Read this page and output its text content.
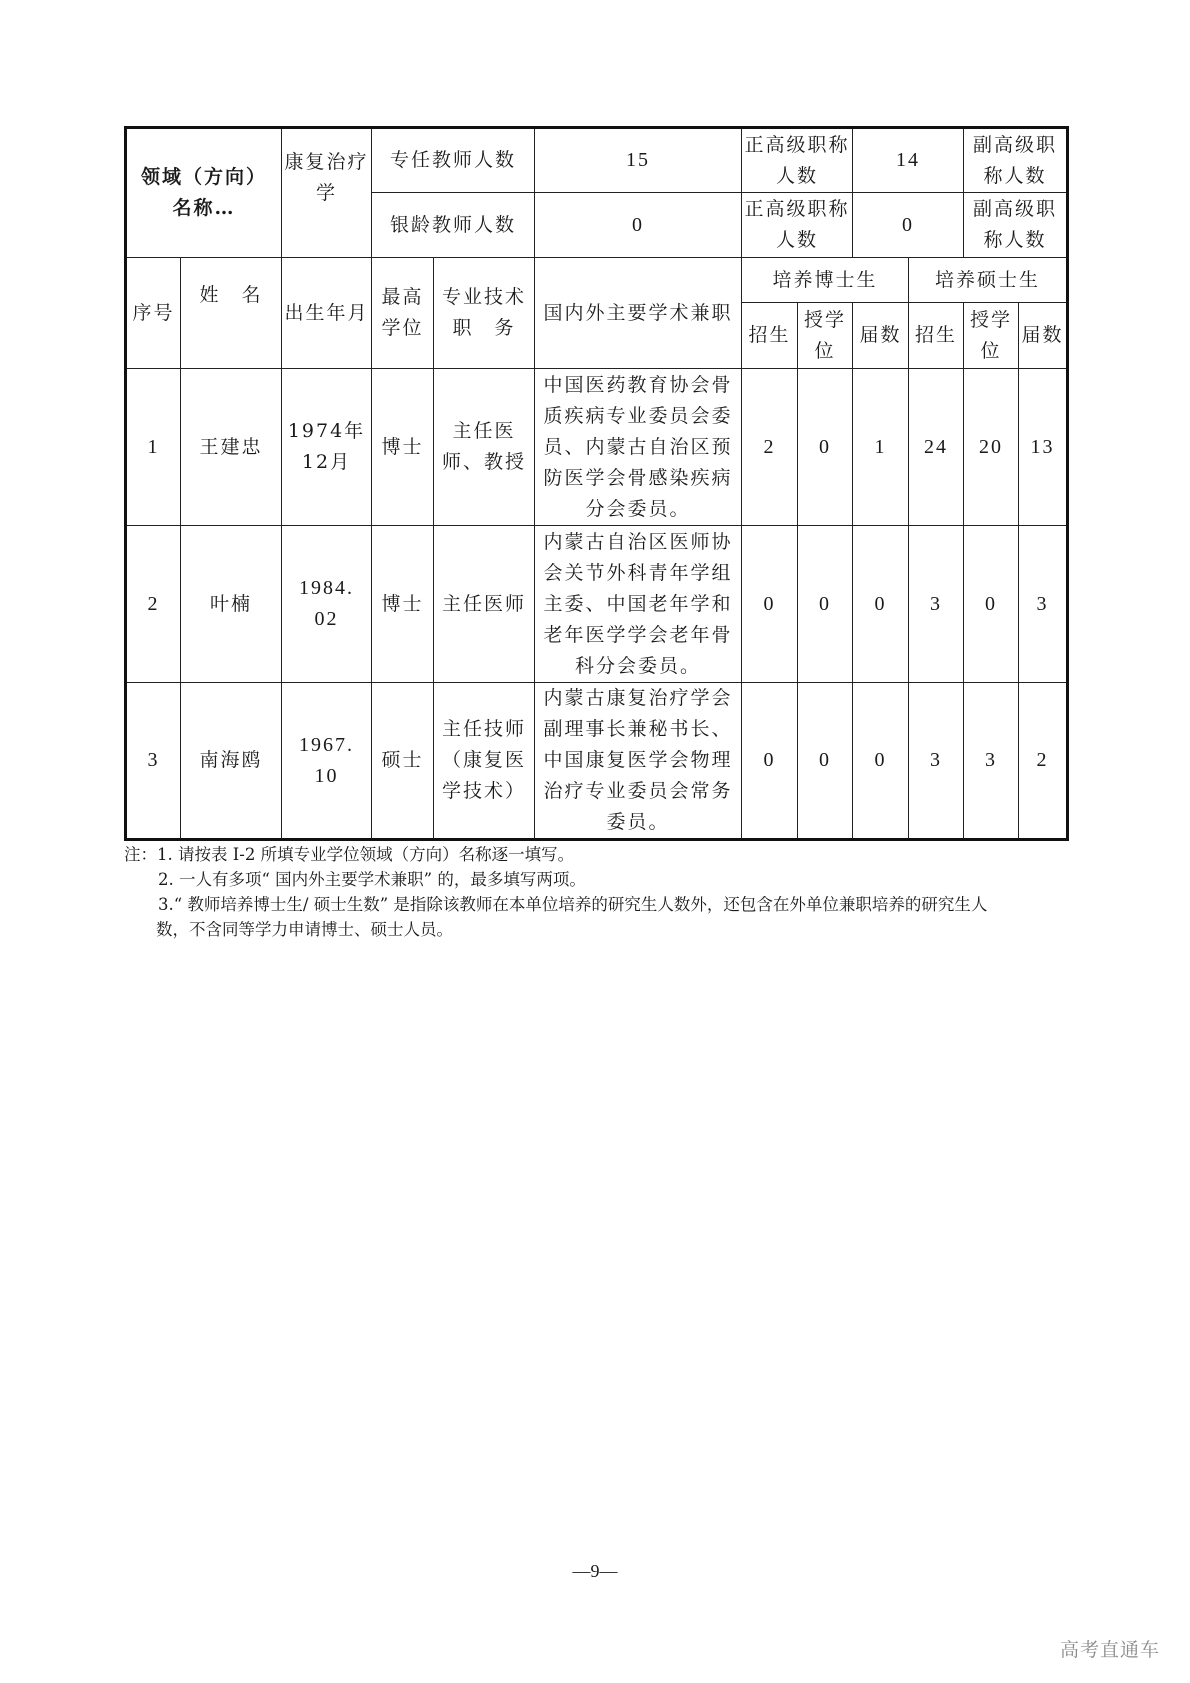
领域（方向）
名称…		康复治疗学	专任教师人数		15	正高级职称人数		14		副高级职称人数
			银龄教师人数		0	正高级职称人数		0		副高级职称人数	
序号	姓　名	出生年月	最高学位	专业技术职　务	国内外主要学术兼职	培养博士生			培养硕士生		
						招生	授学位	届数	招生	授学位	届数
1	王建忠	1974年12月	博士	主任医师、教授	中国医药教育协会骨质疾病专业委员会委员、内蒙古自治区预防医学会骨感染疾病分会委员。	2	0	1	24	20	13
2	叶楠	1984. 02	博士	主任医师	内蒙古自治区医师协会关节外科青年学组主委、中国老年学和老年医学学会老年骨科分会委员。	0	0	0	3	0	3
3	南海鸥	1967. 10	硕士	主任技师（康复医学技术）	内蒙古康复治疗学会副理事长兼秘书长、中国康复医学会物理治疗专业委员会常务委员。	0	0	0	3	3	2
注：1. 请按表 I-2 所填专业学位领域（方向）名称逐一填写。
2. 一人有多项“ 国内外主要学术兼职” 的，最多填写两项。
3.“ 教师培养博士生/ 硕士生数” 是指除该教师在本单位培养的研究生人数外，还包含在外单位兼职培养的研究生人
数，不含同等学力申请博士、硕士人员。
—9—
高考直通车
